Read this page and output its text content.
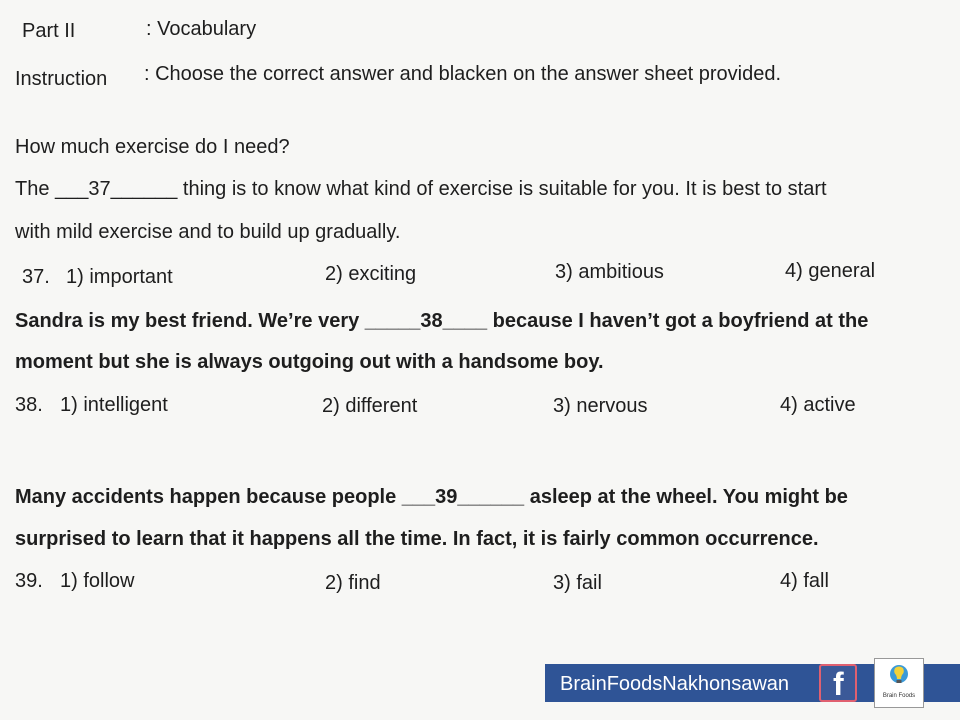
Part II	: Vocabulary
Instruction : Choose the correct answer and blacken on the answer sheet provided.
How much exercise do I need?
The ___37______ thing is to know what kind of exercise is suitable for you. It is best to start
with mild exercise and to build up gradually.
37. 1) important	2) exciting	3) ambitious	4) general
Sandra is my best friend. We’re very _____38____ because I haven’t got a boyfriend at the
moment but she is always outgoing out with a handsome boy.
38. 1) intelligent	2) different	3) nervous	4) active
Many accidents happen because people ___39______ asleep at the wheel. You might be
surprised to learn that it happens all the time. In fact, it is fairly common occurrence.
39. 1) follow	2) find	3) fail	4) fall
BrainFoodsNakhonsawan f	Brain Foods
